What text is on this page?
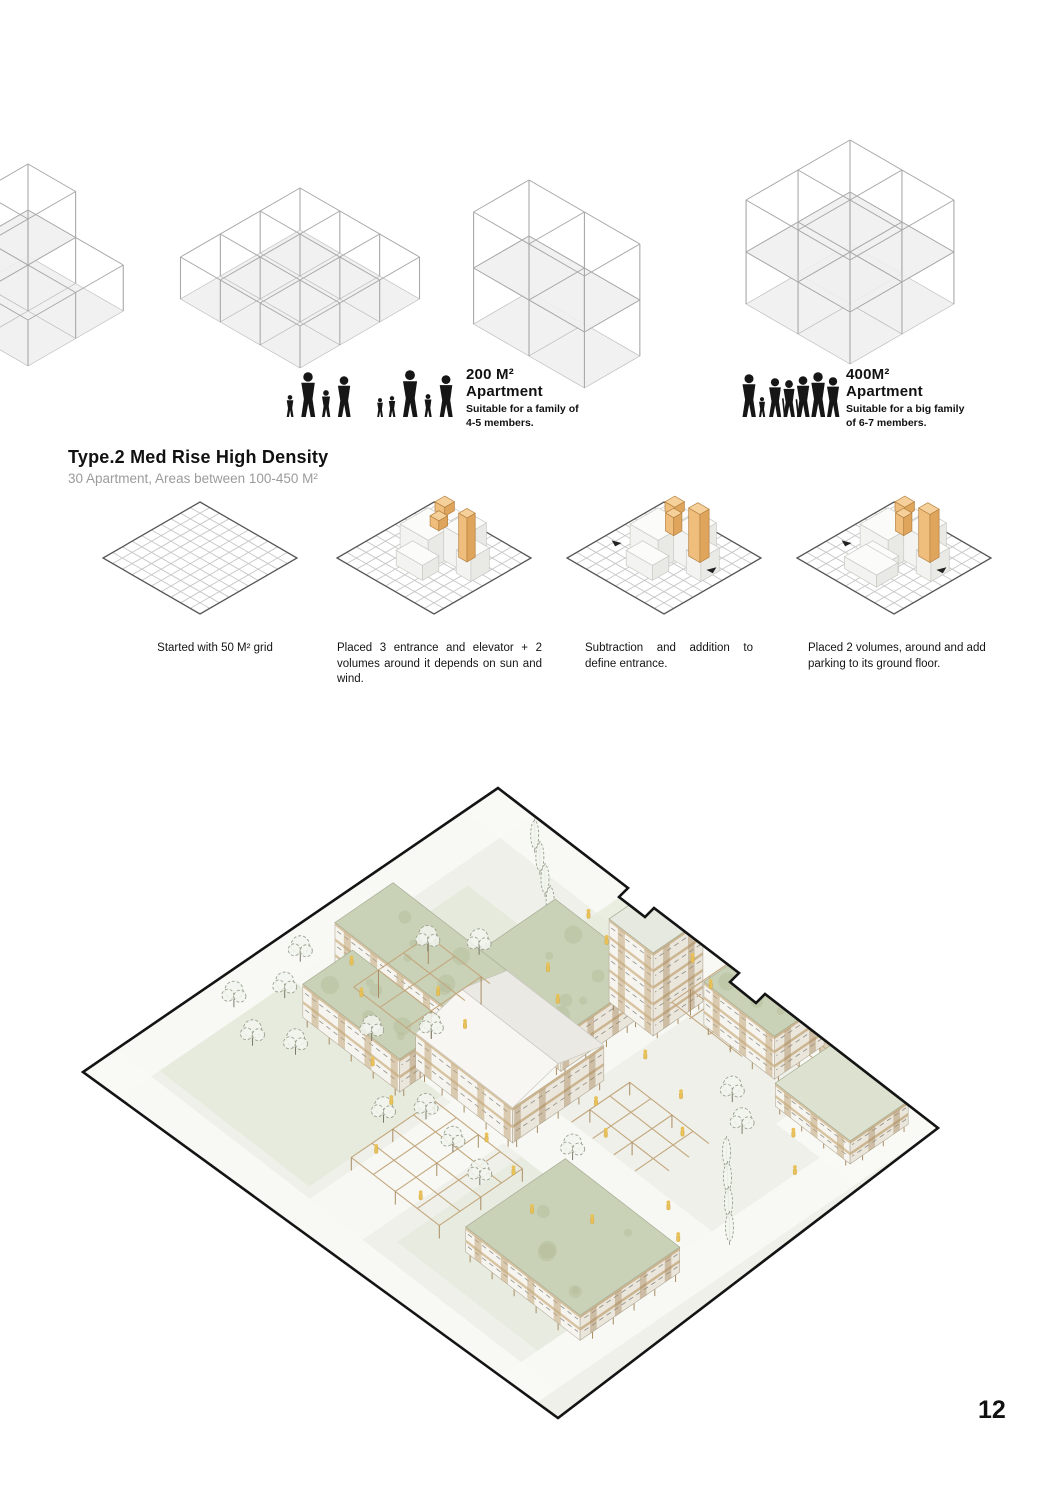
200 M² Apartment
Suitable for a family of 4-5 members.
400M² Apartment
Suitable for a big family of 6-7 members.
Type.2 Med Rise High Density
30 Apartment, Areas between 100-450 M²
Started with 50 M² grid	Placed 3 entrance and elevator + 2 volumes around it depends on sun and wind.
Subtraction and addition to define entrance.
Placed 2 volumes, around and add parking to its ground floor.
12
